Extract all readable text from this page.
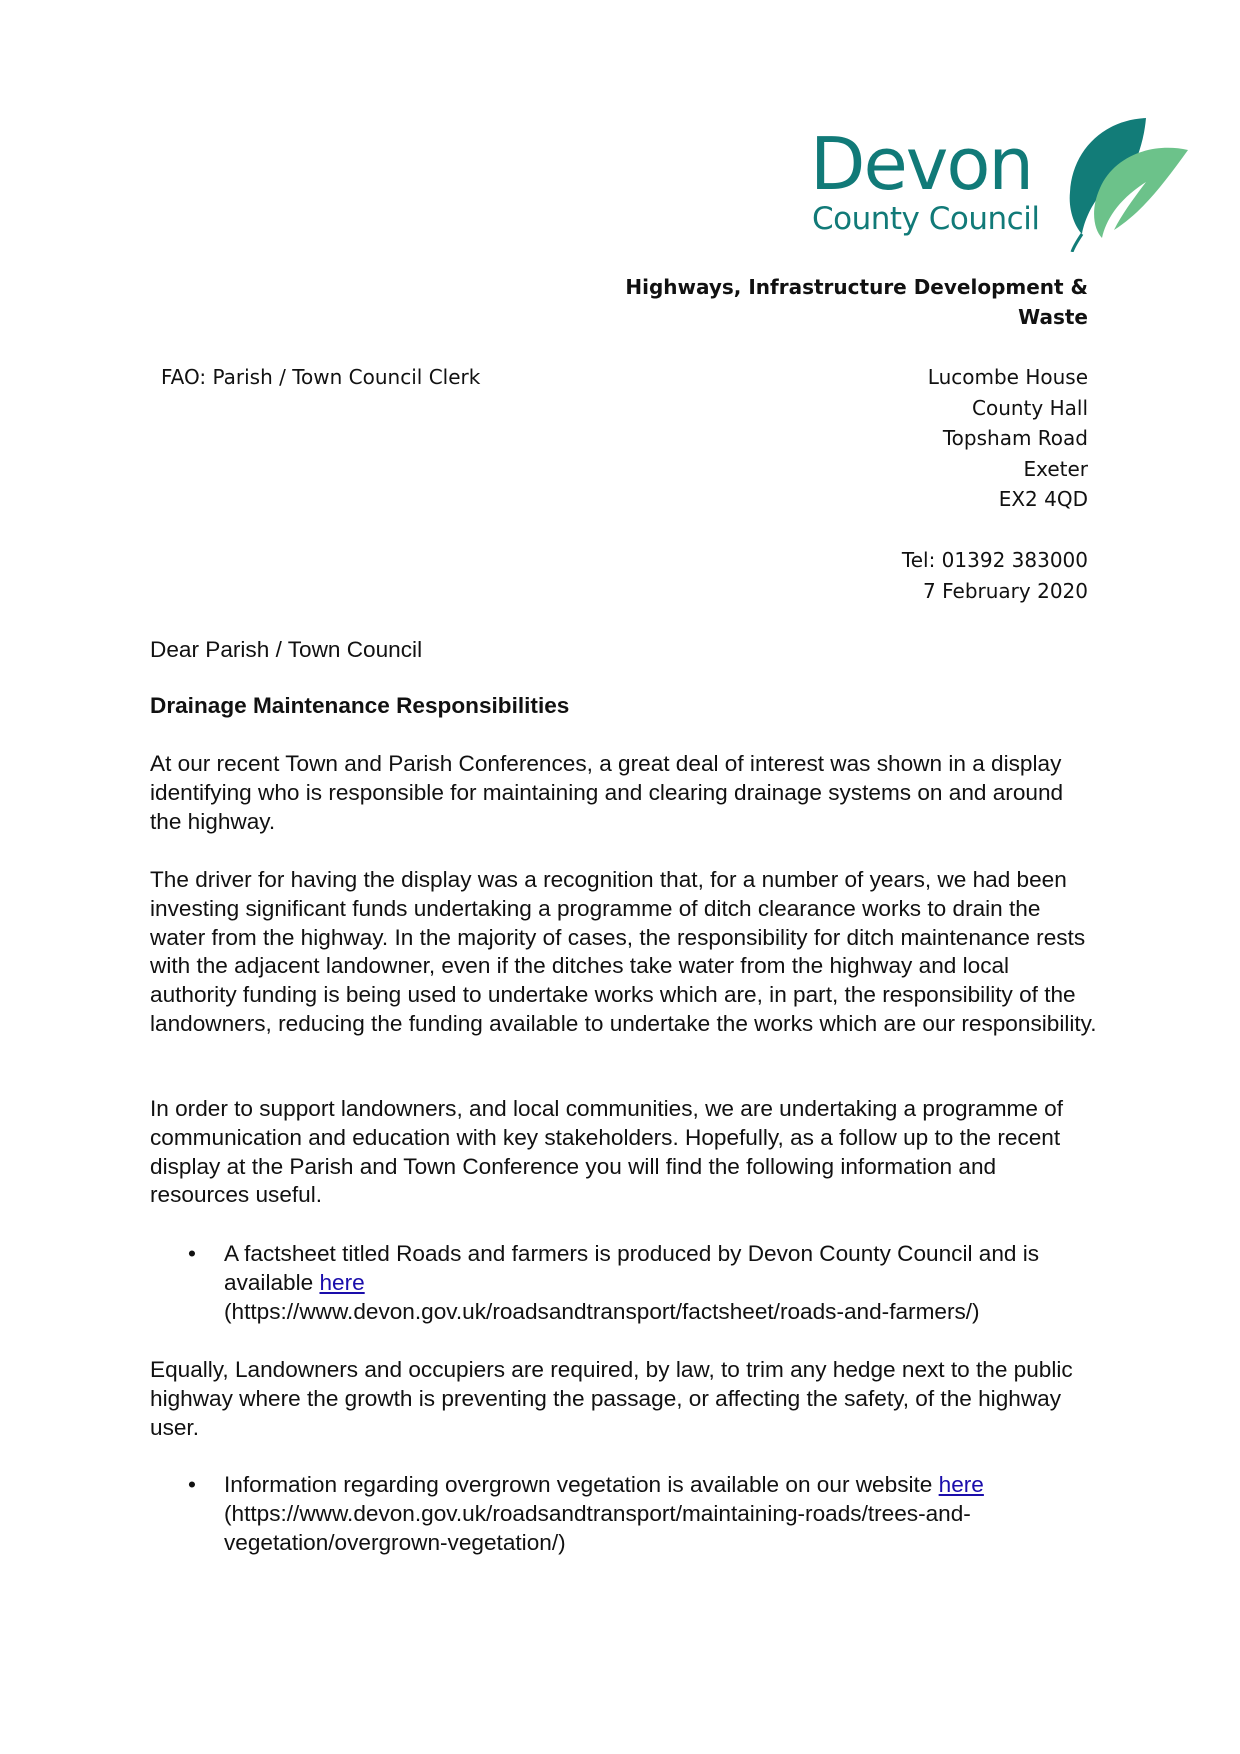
Devon
County Council
Highways, Infrastructure Development &
Waste
FAO: Parish / Town Council Clerk	Lucombe House
County Hall
Topsham Road
Exeter
EX2 4QD
Tel: 01392 383000
7 February 2020
Dear Parish / Town Council
Drainage Maintenance Responsibilities
At our recent Town and Parish Conferences, a great deal of interest was shown in a display identifying who is responsible for maintaining and clearing drainage systems on and around the highway.
The driver for having the display was a recognition that, for a number of years, we had been investing significant funds undertaking a programme of ditch clearance works to drain the water from the highway. In the majority of cases, the responsibility for ditch maintenance rests with the adjacent landowner, even if the ditches take water from the highway and local authority funding is being used to undertake works which are, in part, the responsibility of the landowners, reducing the funding available to undertake the works which are our responsibility.
In order to support landowners, and local communities, we are undertaking a programme of communication and education with key stakeholders. Hopefully, as a follow up to the recent display at the Parish and Town Conference you will find the following information and resources useful.
• A factsheet titled Roads and farmers is produced by Devon County Council and is available here
(https://www.devon.gov.uk/roadsandtransport/factsheet/roads-and-farmers/)
Equally, Landowners and occupiers are required, by law, to trim any hedge next to the public highway where the growth is preventing the passage, or affecting the safety, of the highway user.
• Information regarding overgrown vegetation is available on our website here
(https://www.devon.gov.uk/roadsandtransport/maintaining-roads/trees-and-vegetation/overgrown-vegetation/)
